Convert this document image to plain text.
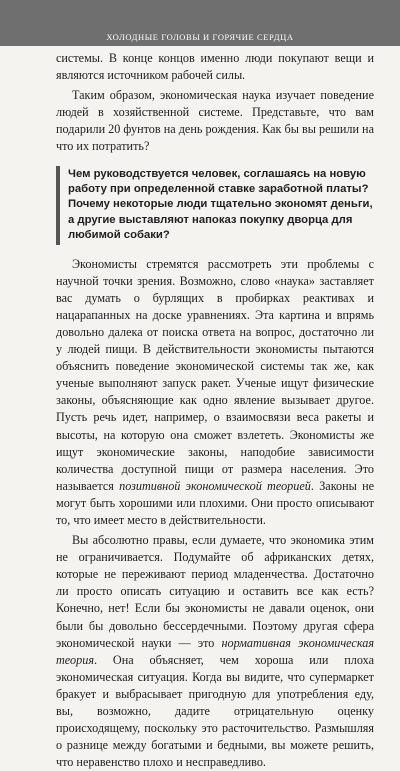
ХОЛОДНЫЕ ГОЛОВЫ И ГОРЯЧИЕ СЕРДЦА

системы. В конце концов именно люди покупают вещи и являются источником рабочей силы.

Таким образом, экономическая наука изучает поведение людей в хозяйственной системе. Представьте, что вам подарили 20 фунтов на день рождения. Как бы вы решили на что их потратить?

Чем руководствуется человек, соглашаясь на новую работу при определенной ставке заработной платы? Почему некоторые люди тщательно экономят деньги, а другие выставляют напоказ покупку дворца для любимой собаки?

Экономисты стремятся рассмотреть эти проблемы с научной точки зрения. Возможно, слово «наука» заставляет вас думать о бурлящих в пробирках реактивах и нацарапанных на доске уравнениях. Эта картина и впрямь довольно далека от поиска ответа на вопрос, достаточно ли у людей пищи. В действительности экономисты пытаются объяснить поведение экономической системы так же, как ученые выполняют запуск ракет. Ученые ищут физические законы, объясняющие как одно явление вызывает другое. Пусть речь идет, например, о взаимосвязи веса ракеты и высоты, на которую она сможет взлететь. Экономисты же ищут экономические законы, наподобие зависимости количества доступной пищи от размера населения. Это называется позитивной экономической теорией. Законы не могут быть хорошими или плохими. Они просто описывают то, что имеет место в действительности.

Вы абсолютно правы, если думаете, что экономика этим не ограничивается. Подумайте об африканских детях, которые не переживают период младенчества. Достаточно ли просто описать ситуацию и оставить все как есть? Конечно, нет! Если бы экономисты не давали оценок, они были бы довольно бессердечными. Поэтому другая сфера экономической науки — это нормативная экономическая теория. Она объясняет, чем хороша или плоха экономическая ситуация. Когда вы видите, что супермаркет бракует и выбрасывает пригодную для употребления еду, вы, возможно, дадите отрицательную оценку происходящему, поскольку это расточительство. Размышляя о разнице между богатыми и бедными, вы можете решить, что неравенство плохо и несправедливо.
